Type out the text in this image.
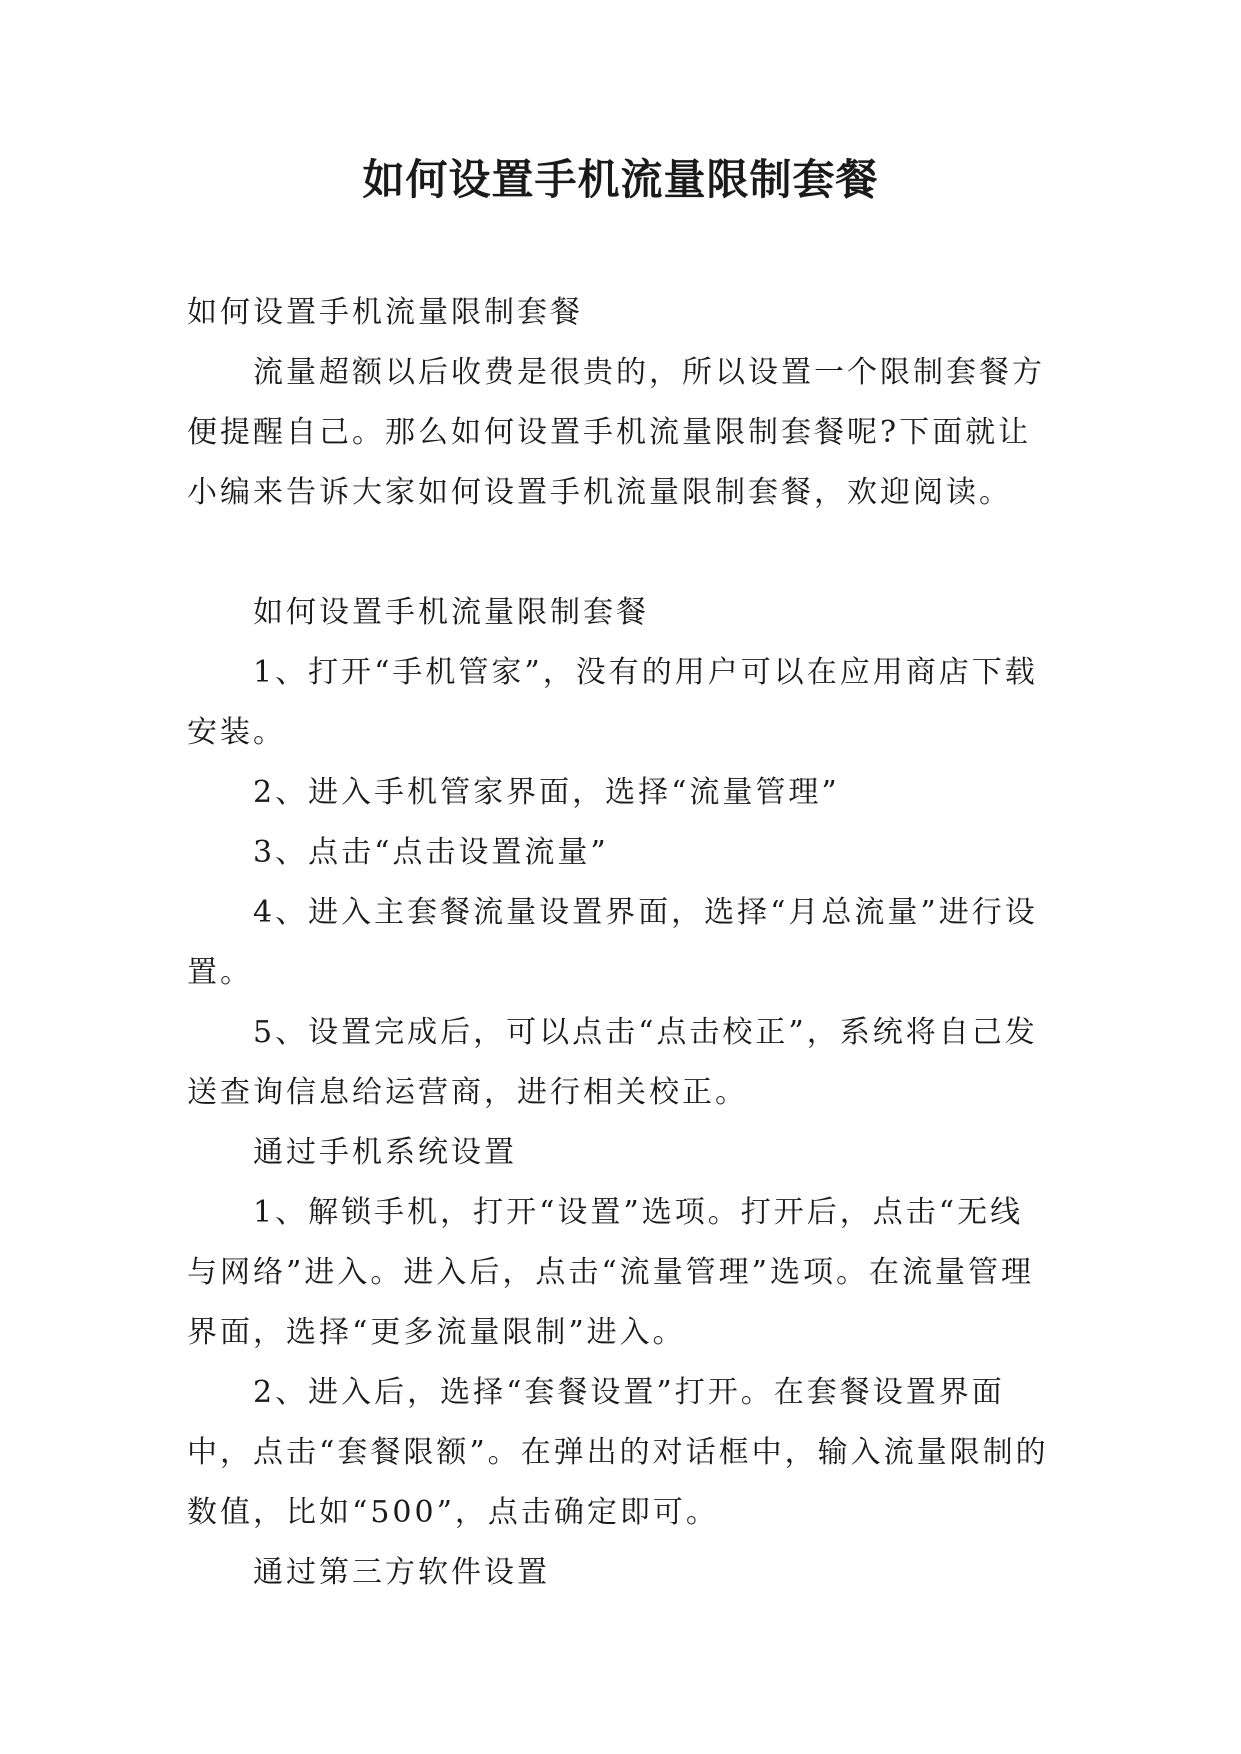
如何设置手机流量限制套餐

如何设置手机流量限制套餐

流量超额以后收费是很贵的，所以设置一个限制套餐方便提醒自己。那么如何设置手机流量限制套餐呢?下面就让小编来告诉大家如何设置手机流量限制套餐，欢迎阅读。

如何设置手机流量限制套餐

1、打开“手机管家”，没有的用户可以在应用商店下载安装。

2、进入手机管家界面，选择“流量管理”

3、点击“点击设置流量”

4、进入主套餐流量设置界面，选择“月总流量”进行设置。

5、设置完成后，可以点击“点击校正”，系统将自己发送查询信息给运营商，进行相关校正。

通过手机系统设置

1、解锁手机，打开“设置”选项。打开后，点击“无线与网络”进入。进入后，点击“流量管理”选项。在流量管理界面，选择“更多流量限制”进入。

2、进入后，选择“套餐设置”打开。在套餐设置界面中，点击“套餐限额”。在弹出的对话框中，输入流量限制的数值，比如“500”，点击确定即可。

通过第三方软件设置
